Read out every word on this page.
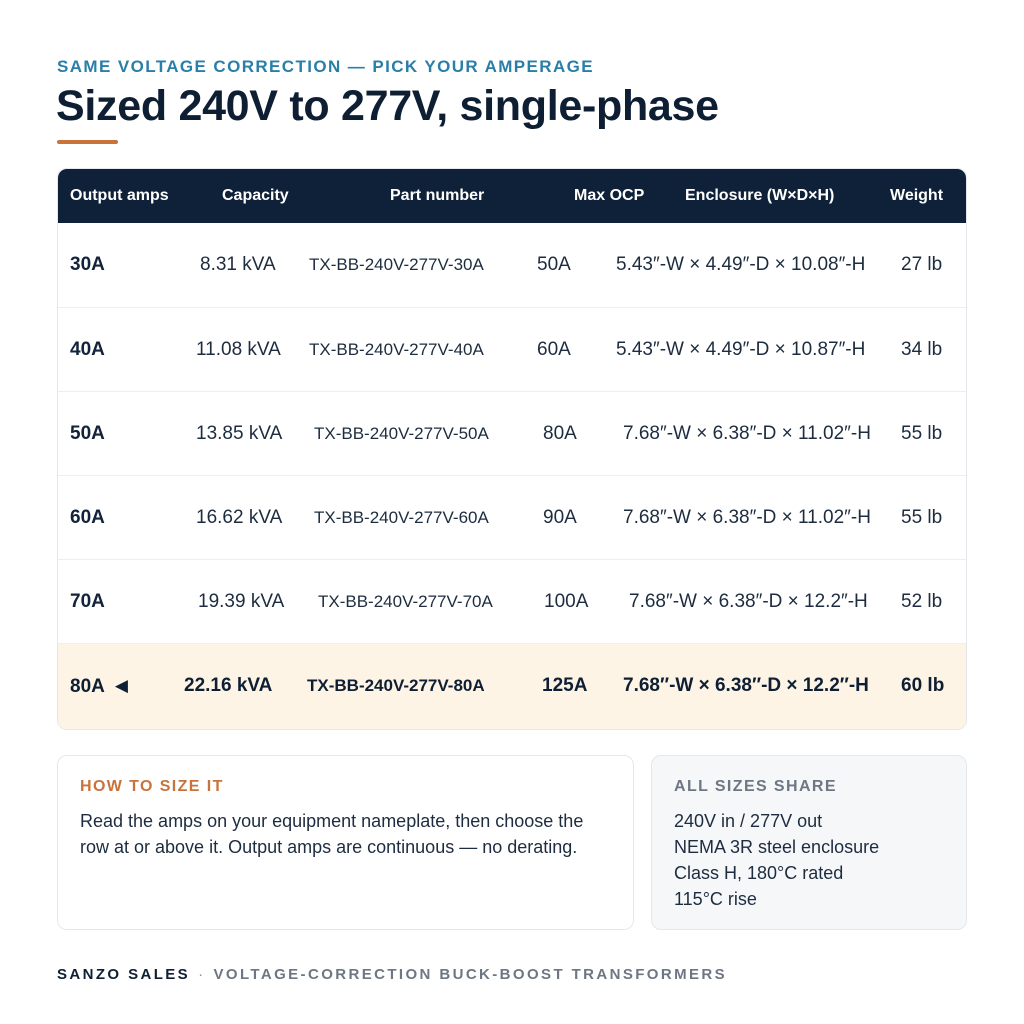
SAME VOLTAGE CORRECTION — PICK YOUR AMPERAGE
Sized 240V to 277V, single-phase
Output amps	Capacity	Part number	Max OCP	Enclosure (W×D×H)	Weight
30A	8.31 kVA TX-BB-240V-277V-30A	50A 5.43″-W × 4.49″-D × 10.08″-H 27 lb
40A	11.08 kVA TX-BB-240V-277V-40A	60A 5.43″-W × 4.49″-D × 10.87″-H 34 lb
50A	13.85 kVA TX-BB-240V-277V-50A	80A 7.68″-W × 6.38″-D × 11.02″-H 55 lb
60A	16.62 kVA TX-BB-240V-277V-60A	90A 7.68″-W × 6.38″-D × 11.02″-H 55 lb
70A	19.39 kVA TX-BB-240V-277V-70A	100A 7.68″-W × 6.38″-D × 12.2″-H 52 lb
80A ◀	22.16 kVA TX-BB-240V-277V-80A	125A 7.68″-W × 6.38″-D × 12.2″-H 60 lb
HOW TO SIZE IT
Read the amps on your equipment nameplate, then choose the row at or above it. Output amps are continuous — no derating.
ALL SIZES SHARE
240V in / 277V out
NEMA 3R steel enclosure
Class H, 180°C rated
115°C rise
SANZO SALES · VOLTAGE-CORRECTION BUCK-BOOST TRANSFORMERS
